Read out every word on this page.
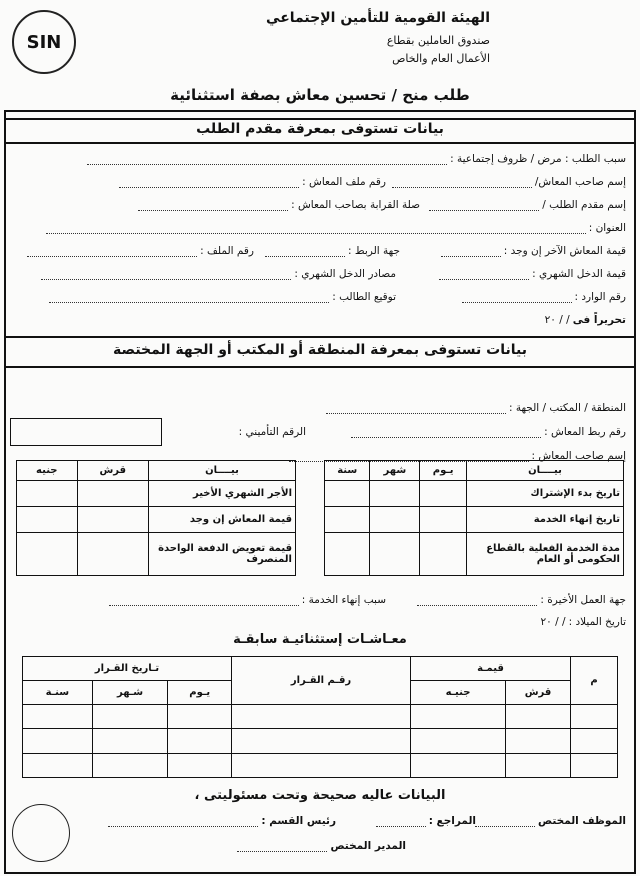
SIN
الهيئة القومية للتأمين الإجتماعي
صندوق العاملين بقطاع
الأعمال العام والخاص
طلب منح / تحسين معاش بصفة استثنائية
بيانات تستوفى بمعرفة مقدم الطلب
سبب الطلب : مرض / ظروف إجتماعية :
إسم صاحب المعاش/
رقم ملف المعاش :
إسم مقدم الطلب /
صلة القرابة بصاحب المعاش :
العنوان :
قيمة المعاش الآخر إن وجد :
جهة الربط :
رقم الملف :
قيمة الدخل الشهري :
مصادر الدخل الشهري :
رقم الوارد :
توقيع الطالب :
تحريراً فى
/ / ٢٠
بيانات تستوفى بمعرفة المنطقة أو المكتب أو الجهة المختصة
المنطقة / المكتب / الجهة :
رقم ربط المعاش :
الرقم التأميني :
إسم صاحب المعاش :
بيــــان	يـوم	شهر	سنة
تاريخ بدء الإشتراك			
تاريخ إنهاء الخدمة			
مدة الخدمة الفعلية بالقطاع الحكومى أو العام			
بيــــان	قرش	جنيه
الأجر الشهري الأخير		
قيمة المعاش إن وجد		
قيمة تعويض الدفعة الواحدة المنصرف		
جهة العمل الأخيرة :
سبب إنهاء الخدمة :
تاريخ الميلاد :
/ / ٢٠
معـاشـات إستثنائيـة سابقـة
م	قيمـة		رقـم القـرار	تـاريخ القـرار		
	قرش	جنيـه		يـوم	شـهر	سنـة

البيانات عاليه صحيحة وتحت مسئوليتى ،
الموظف المختص
المراجع :
رئيس القسم :
المدير المختص
